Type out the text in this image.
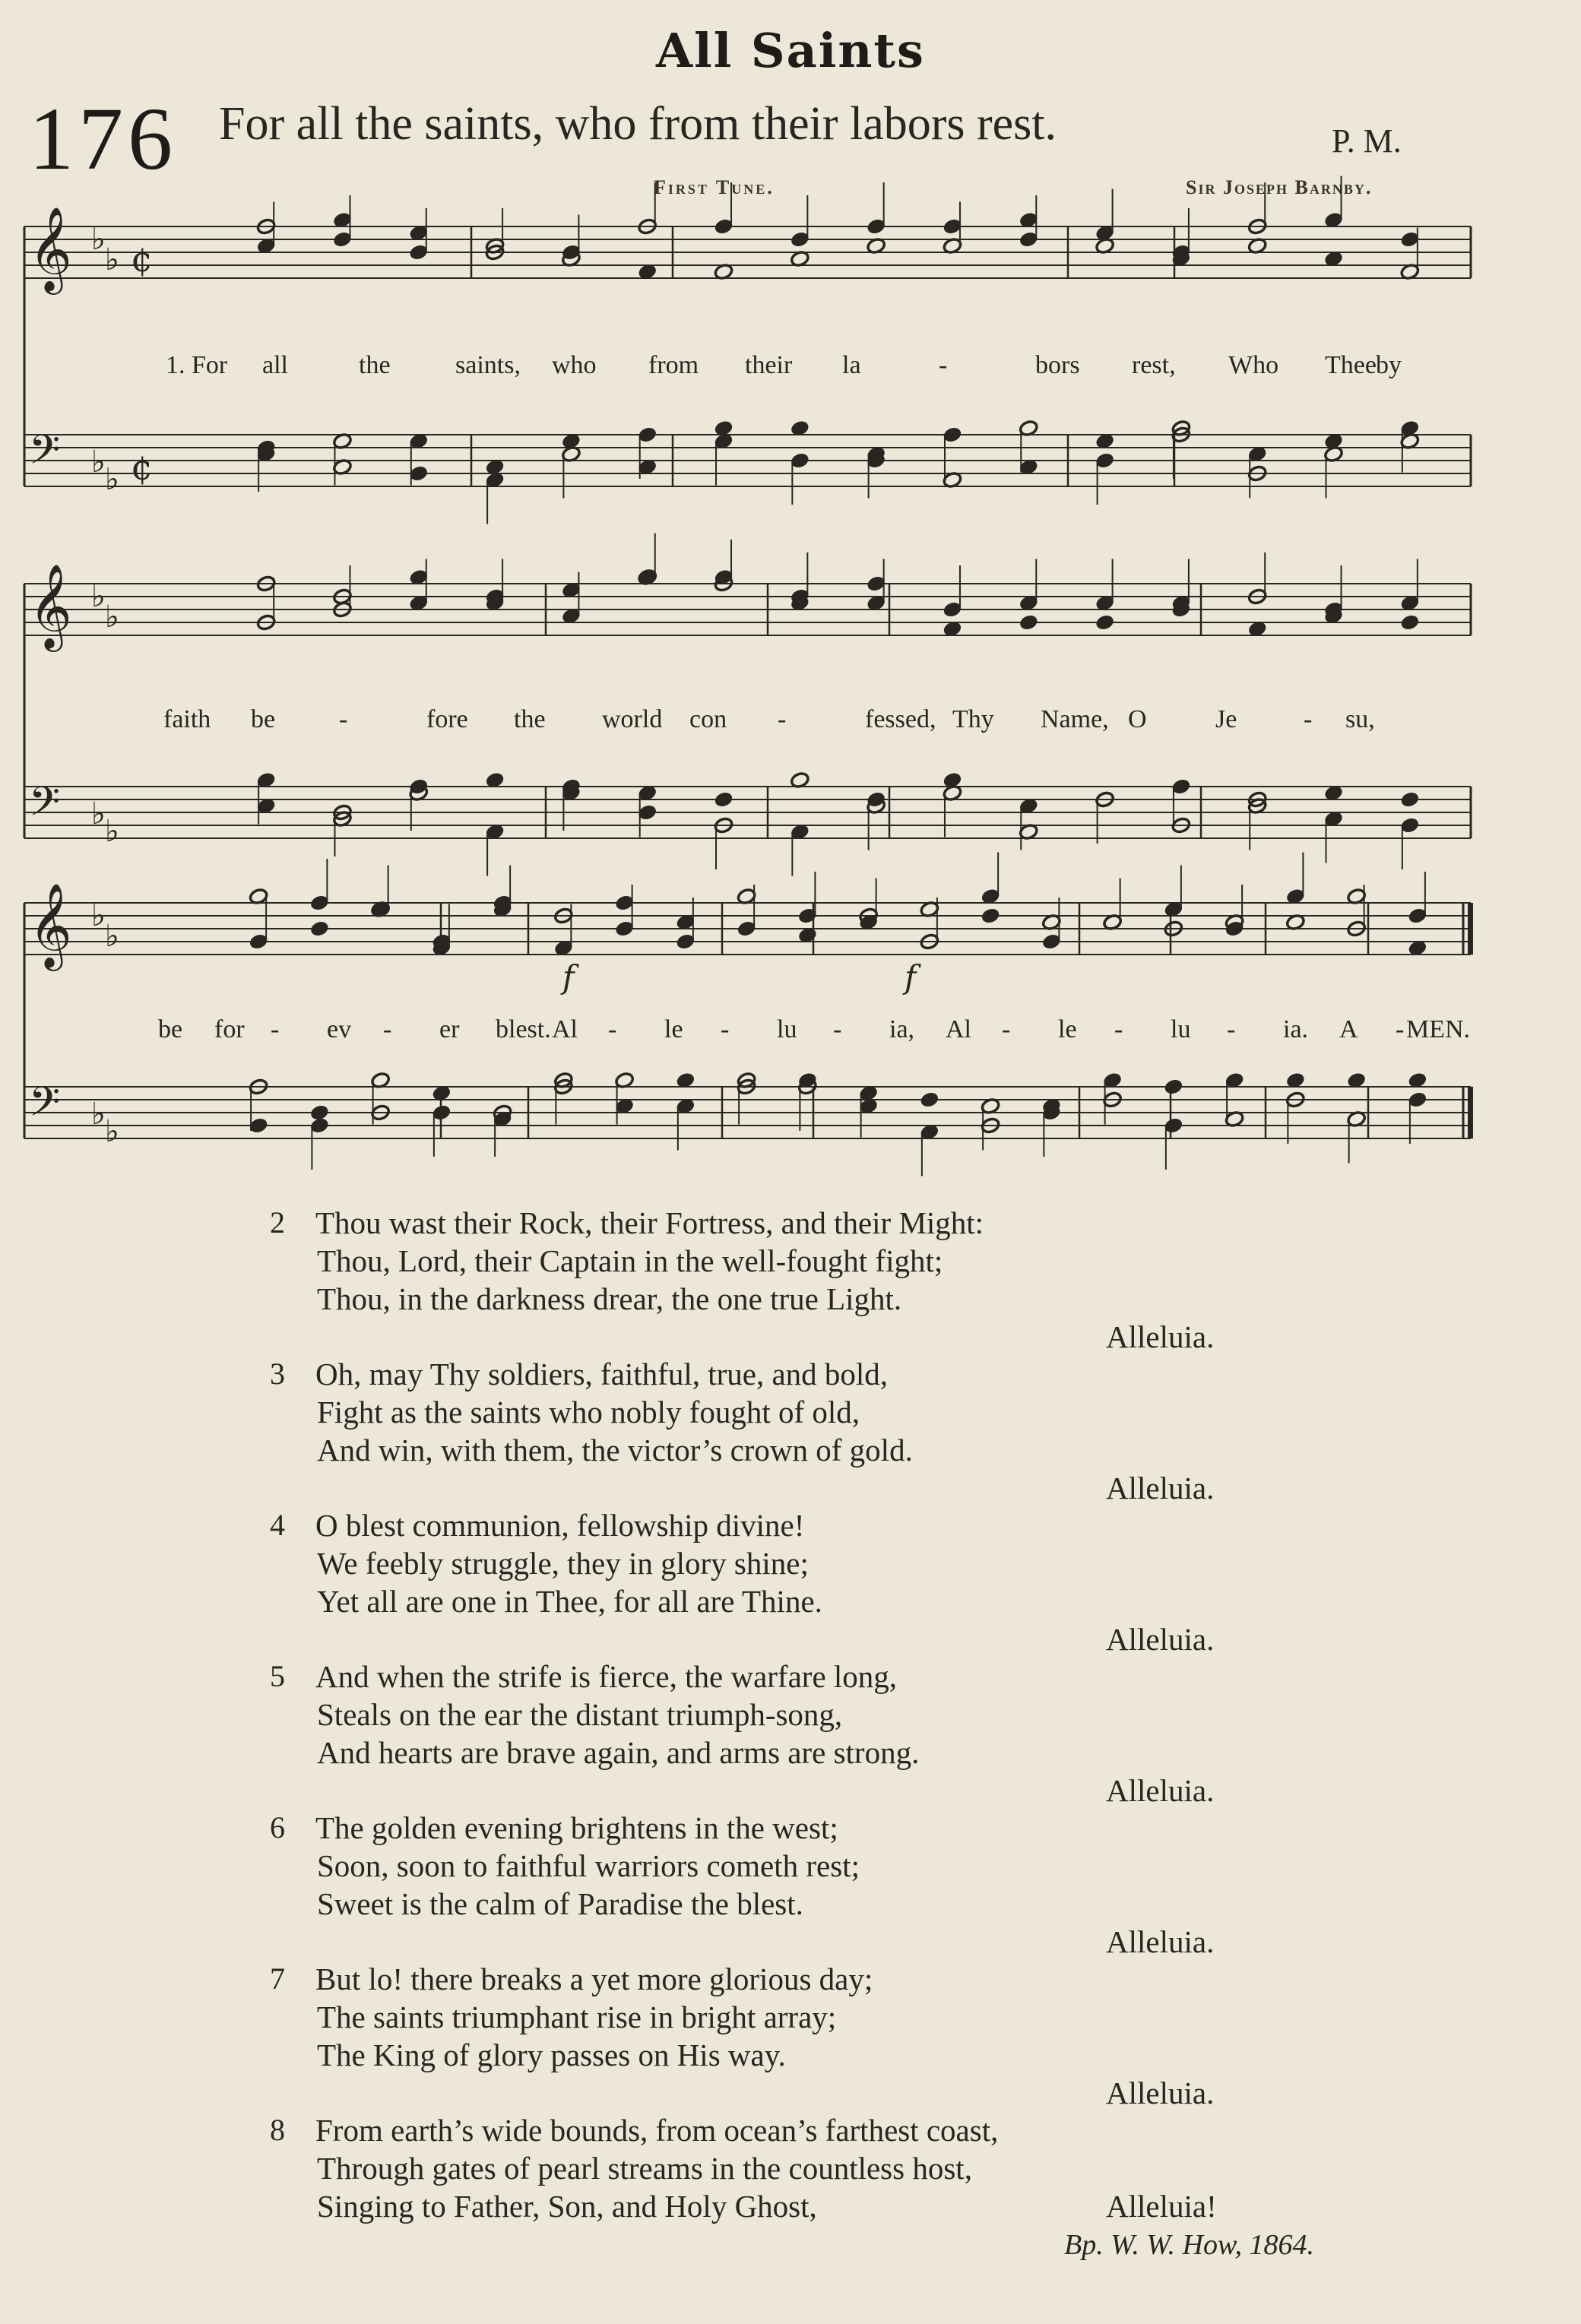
All Saints
176 For all the saints, who from their labors rest.	P. M.
First Tune.	Sir Joseph Barnby.
𝄞 ♭
♭ ¢
𝄢 ♭ ♭ ¢
𝄞 ♭
♭
𝄢 ♭ ♭
𝄞 ♭
♭
𝄢 ♭ ♭
f	f
1. For all	the	saints, who from their la	-	bors rest, Who Thee by
faith be -	fore the world con -	fessed, Thy Name, O	Je	- su,
be for - ev - er blest. Al - le - lu - ia, Al - le - lu - ia. A - MEN.
2 Thou wast their Rock, their Fortress, and their Might:
Thou, Lord, their Captain in the well-fought fight;
Thou, in the darkness drear, the one true Light.
Alleluia.
3 Oh, may Thy soldiers, faithful, true, and bold,
Fight as the saints who nobly fought of old,
And win, with them, the victor’s crown of gold.
Alleluia.
4 O blest communion, fellowship divine!
We feebly struggle, they in glory shine;
Yet all are one in Thee, for all are Thine.
Alleluia.
5 And when the strife is fierce, the warfare long,
Steals on the ear the distant triumph-song,
And hearts are brave again, and arms are strong.
Alleluia.
6 The golden evening brightens in the west;
Soon, soon to faithful warriors cometh rest;
Sweet is the calm of Paradise the blest.
Alleluia.
7 But lo! there breaks a yet more glorious day;
The saints triumphant rise in bright array;
The King of glory passes on His way.
Alleluia.
8 From earth’s wide bounds, from ocean’s farthest coast,
Through gates of pearl streams in the countless host,
Singing to Father, Son, and Holy Ghost,	Alleluia!
Bp. W. W. How, 1864.
